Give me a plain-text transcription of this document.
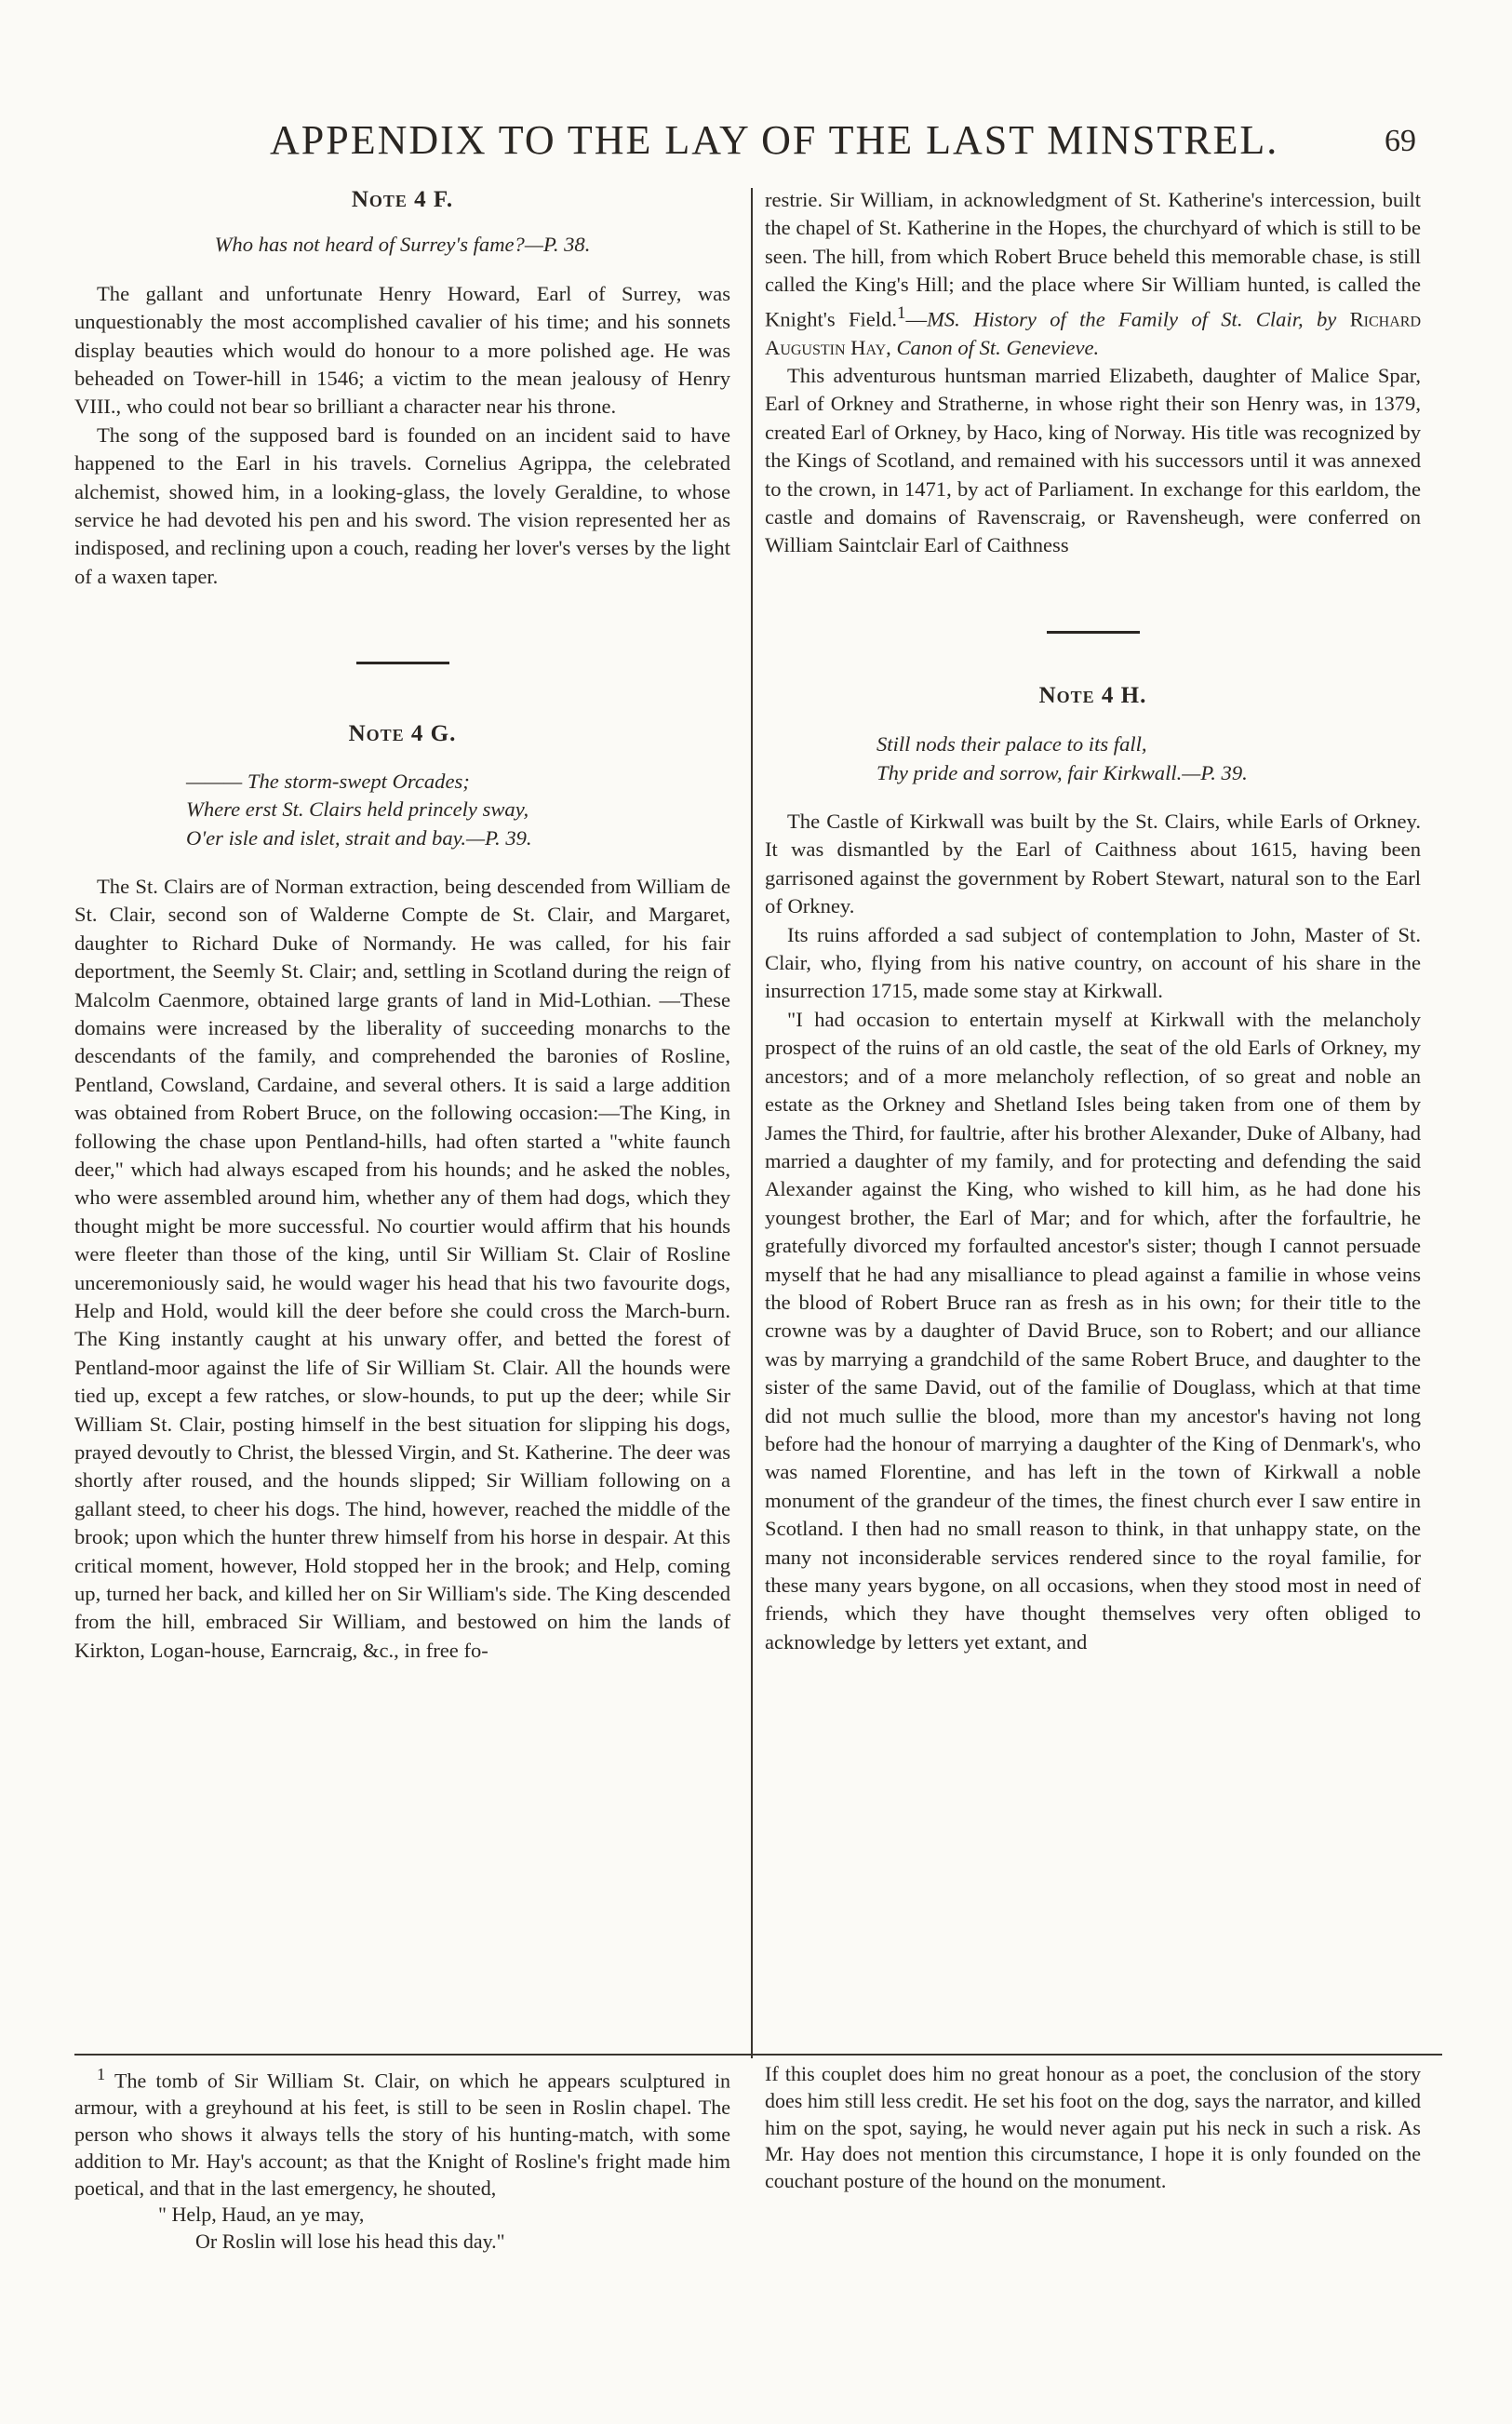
APPENDIX TO THE LAY OF THE LAST MINSTREL.	69
Note 4 F.

Who has not heard of Surrey's fame?—P. 38.

The gallant and unfortunate Henry Howard, Earl of Surrey, was unquestionably the most accomplished cavalier of his time; and his sonnets display beauties which would do honour to a more polished age. He was beheaded on Tower-hill in 1546; a victim to the mean jealousy of Henry VIII., who could not bear so brilliant a character near his throne.

The song of the supposed bard is founded on an incident said to have happened to the Earl in his travels. Cornelius Agrippa, the celebrated alchemist, showed him, in a looking-glass, the lovely Geraldine, to whose service he had devoted his pen and his sword. The vision represented her as indisposed, and reclining upon a couch, reading her lover's verses by the light of a waxen taper.

Note 4 G.

——— The storm-swept Orcades;

Where erst St. Clairs held princely sway,

O'er isle and islet, strait and bay.—P. 39.

The St. Clairs are of Norman extraction, being descended from William de St. Clair, second son of Walderne Compte de St. Clair, and Margaret, daughter to Richard Duke of Normandy. He was called, for his fair deportment, the Seemly St. Clair; and, settling in Scotland during the reign of Malcolm Caenmore, obtained large grants of land in Mid-Lothian. —These domains were increased by the liberality of succeeding monarchs to the descendants of the family, and comprehended the baronies of Rosline, Pentland, Cowsland, Cardaine, and several others. It is said a large addition was obtained from Robert Bruce, on the following occasion:—The King, in following the chase upon Pentland-hills, had often started a "white faunch deer," which had always escaped from his hounds; and he asked the nobles, who were assembled around him, whether any of them had dogs, which they thought might be more successful. No courtier would affirm that his hounds were fleeter than those of the king, until Sir William St. Clair of Rosline unceremoniously said, he would wager his head that his two favourite dogs, Help and Hold, would kill the deer before she could cross the March-burn. The King instantly caught at his unwary offer, and betted the forest of Pentland-moor against the life of Sir William St. Clair. All the hounds were tied up, except a few ratches, or slow-hounds, to put up the deer; while Sir William St. Clair, posting himself in the best situation for slipping his dogs, prayed devoutly to Christ, the blessed Virgin, and St. Katherine. The deer was shortly after roused, and the hounds slipped; Sir William following on a gallant steed, to cheer his dogs. The hind, however, reached the middle of the brook; upon which the hunter threw himself from his horse in despair. At this critical moment, however, Hold stopped her in the brook; and Help, coming up, turned her back, and killed her on Sir William's side. The King descended from the hill, embraced Sir William, and bestowed on him the lands of Kirkton, Logan-house, Earncraig, &c., in free fo-

restrie. Sir William, in acknowledgment of St. Katherine's intercession, built the chapel of St. Katherine in the Hopes, the churchyard of which is still to be seen. The hill, from which Robert Bruce beheld this memorable chase, is still called the King's Hill; and the place where Sir William hunted, is called the Knight's Field.$^1$—MS. History of the Family of St. Clair, by Richard Augustin Hay, Canon of St. Genevieve.

This adventurous huntsman married Elizabeth, daughter of Malice Spar, Earl of Orkney and Stratherne, in whose right their son Henry was, in 1379, created Earl of Orkney, by Haco, king of Norway. His title was recognized by the Kings of Scotland, and remained with his successors until it was annexed to the crown, in 1471, by act of Parliament. In exchange for this earldom, the castle and domains of Ravenscraig, or Ravensheugh, were conferred on William Saintclair Earl of Caithness

Note 4 H.

Still nods their palace to its fall,

Thy pride and sorrow, fair Kirkwall.—P. 39.

The Castle of Kirkwall was built by the St. Clairs, while Earls of Orkney. It was dismantled by the Earl of Caithness about 1615, having been garrisoned against the government by Robert Stewart, natural son to the Earl of Orkney.

Its ruins afforded a sad subject of contemplation to John, Master of St. Clair, who, flying from his native country, on account of his share in the insurrection 1715, made some stay at Kirkwall.

"I had occasion to entertain myself at Kirkwall with the melancholy prospect of the ruins of an old castle, the seat of the old Earls of Orkney, my ancestors; and of a more melancholy reflection, of so great and noble an estate as the Orkney and Shetland Isles being taken from one of them by James the Third, for faultrie, after his brother Alexander, Duke of Albany, had married a daughter of my family, and for protecting and defending the said Alexander against the King, who wished to kill him, as he had done his youngest brother, the Earl of Mar; and for which, after the forfaultrie, he gratefully divorced my forfaulted ancestor's sister; though I cannot persuade myself that he had any misalliance to plead against a familie in whose veins the blood of Robert Bruce ran as fresh as in his own; for their title to the crowne was by a daughter of David Bruce, son to Robert; and our alliance was by marrying a grandchild of the same Robert Bruce, and daughter to the sister of the same David, out of the familie of Douglass, which at that time did not much sullie the blood, more than my ancestor's having not long before had the honour of marrying a daughter of the King of Denmark's, who was named Florentine, and has left in the town of Kirkwall a noble monument of the grandeur of the times, the finest church ever I saw entire in Scotland. I then had no small reason to think, in that unhappy state, on the many not inconsiderable services rendered since to the royal familie, for these many years bygone, on all occasions, when they stood most in need of friends, which they have thought themselves very often obliged to acknowledge by letters yet extant, and

$^1$ The tomb of Sir William St. Clair, on which he appears sculptured in armour, with a greyhound at his feet, is still to be seen in Roslin chapel. The person who shows it always tells the story of his hunting-match, with some addition to Mr. Hay's account; as that the Knight of Rosline's fright made him poetical, and that in the last emergency, he shouted,

" Help, Haud, an ye may,

Or Roslin will lose his head this day."

If this couplet does him no great honour as a poet, the conclusion of the story does him still less credit. He set his foot on the dog, says the narrator, and killed him on the spot, saying, he would never again put his neck in such a risk. As Mr. Hay does not mention this circumstance, I hope it is only founded on the couchant posture of the hound on the monument.
